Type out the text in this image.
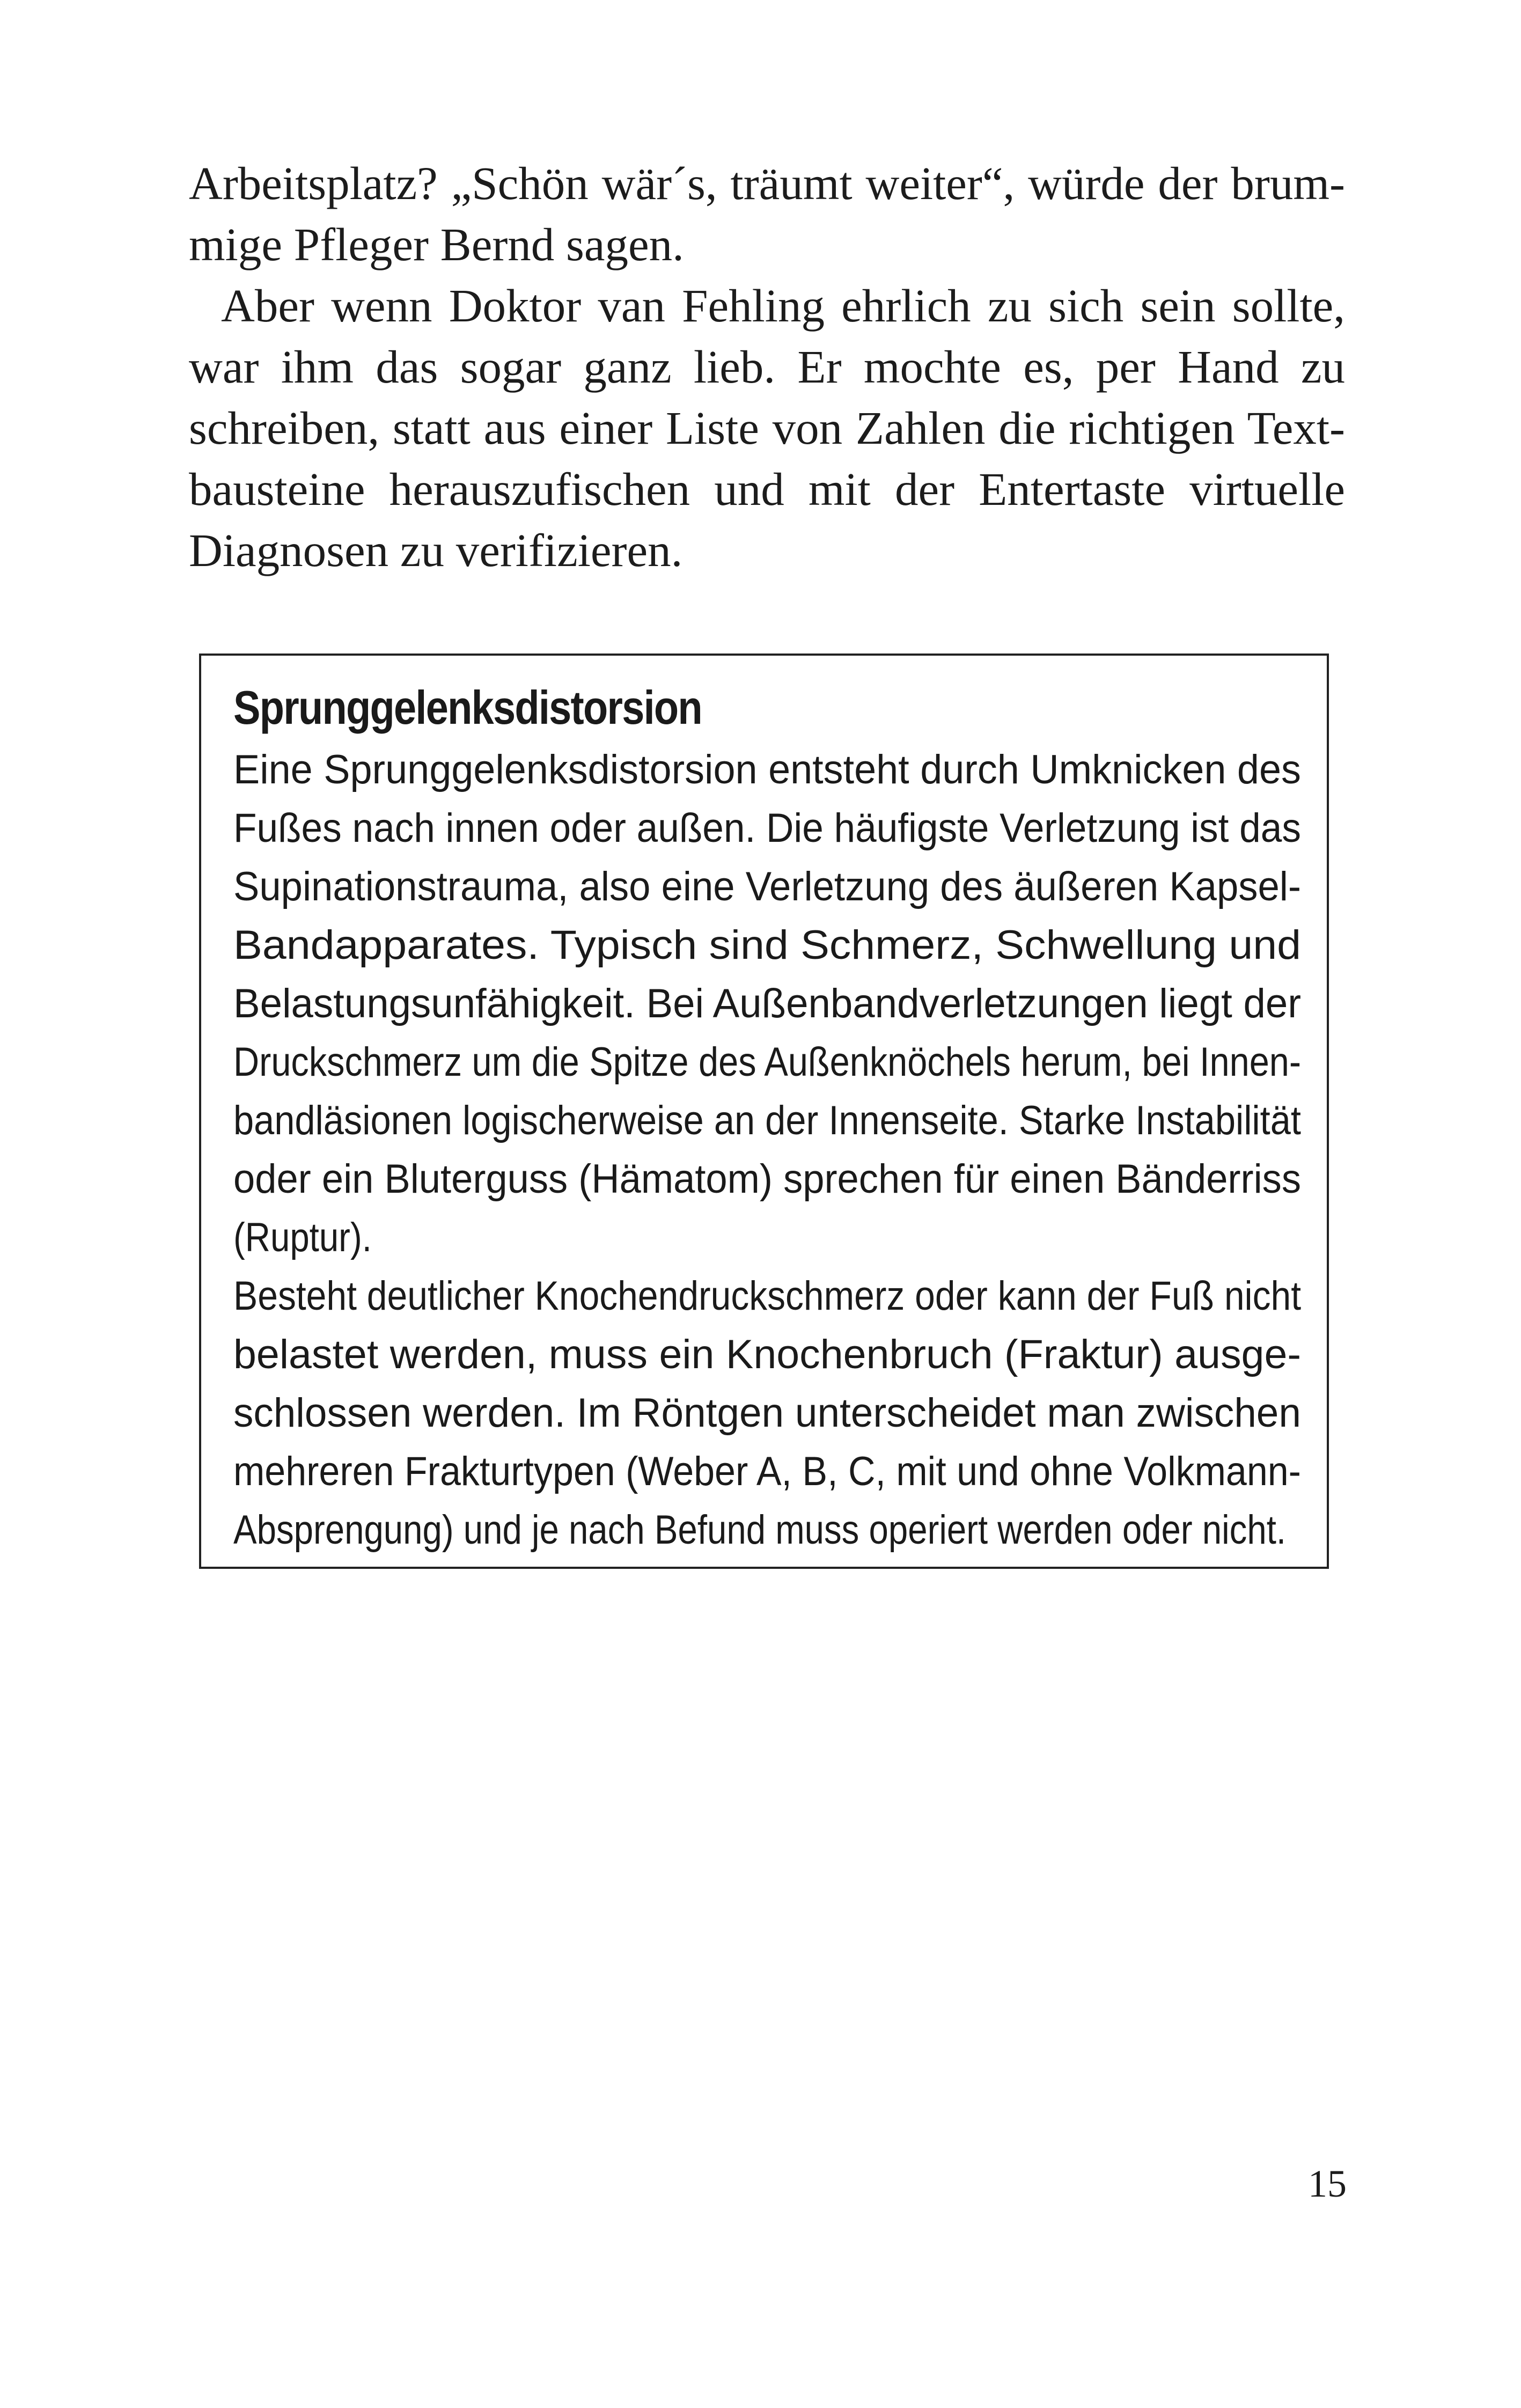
Arbeitsplatz? „Schön wär´s, träumt weiter“, würde der brum-
mige Pfleger Bernd sagen.
Aber wenn Doktor van Fehling ehrlich zu sich sein sollte,
war ihm das sogar ganz lieb. Er mochte es, per Hand zu
schreiben, statt aus einer Liste von Zahlen die richtigen Text-
bausteine herauszufischen und mit der Entertaste virtuelle
Diagnosen zu verifizieren.
Sprunggelenksdistorsion
Eine Sprunggelenksdistorsion entsteht durch Umknicken des
Fußes nach innen oder außen. Die häufigste Verletzung ist das
Supinationstrauma, also eine Verletzung des äußeren Kapsel-
Bandapparates. Typisch sind Schmerz, Schwellung und
Belastungsunfähigkeit. Bei Außenbandverletzungen liegt der
Druckschmerz um die Spitze des Außenknöchels herum, bei Innen-
bandläsionen logischerweise an der Innenseite. Starke Instabilität
oder ein Bluterguss (Hämatom) sprechen für einen Bänderriss
(Ruptur).
Besteht deutlicher Knochendruckschmerz oder kann der Fuß nicht
belastet werden, muss ein Knochenbruch (Fraktur) ausge-
schlossen werden. Im Röntgen unterscheidet man zwischen
mehreren Frakturtypen (Weber A, B, C, mit und ohne Volkmann-
Absprengung) und je nach Befund muss operiert werden oder nicht.
15
